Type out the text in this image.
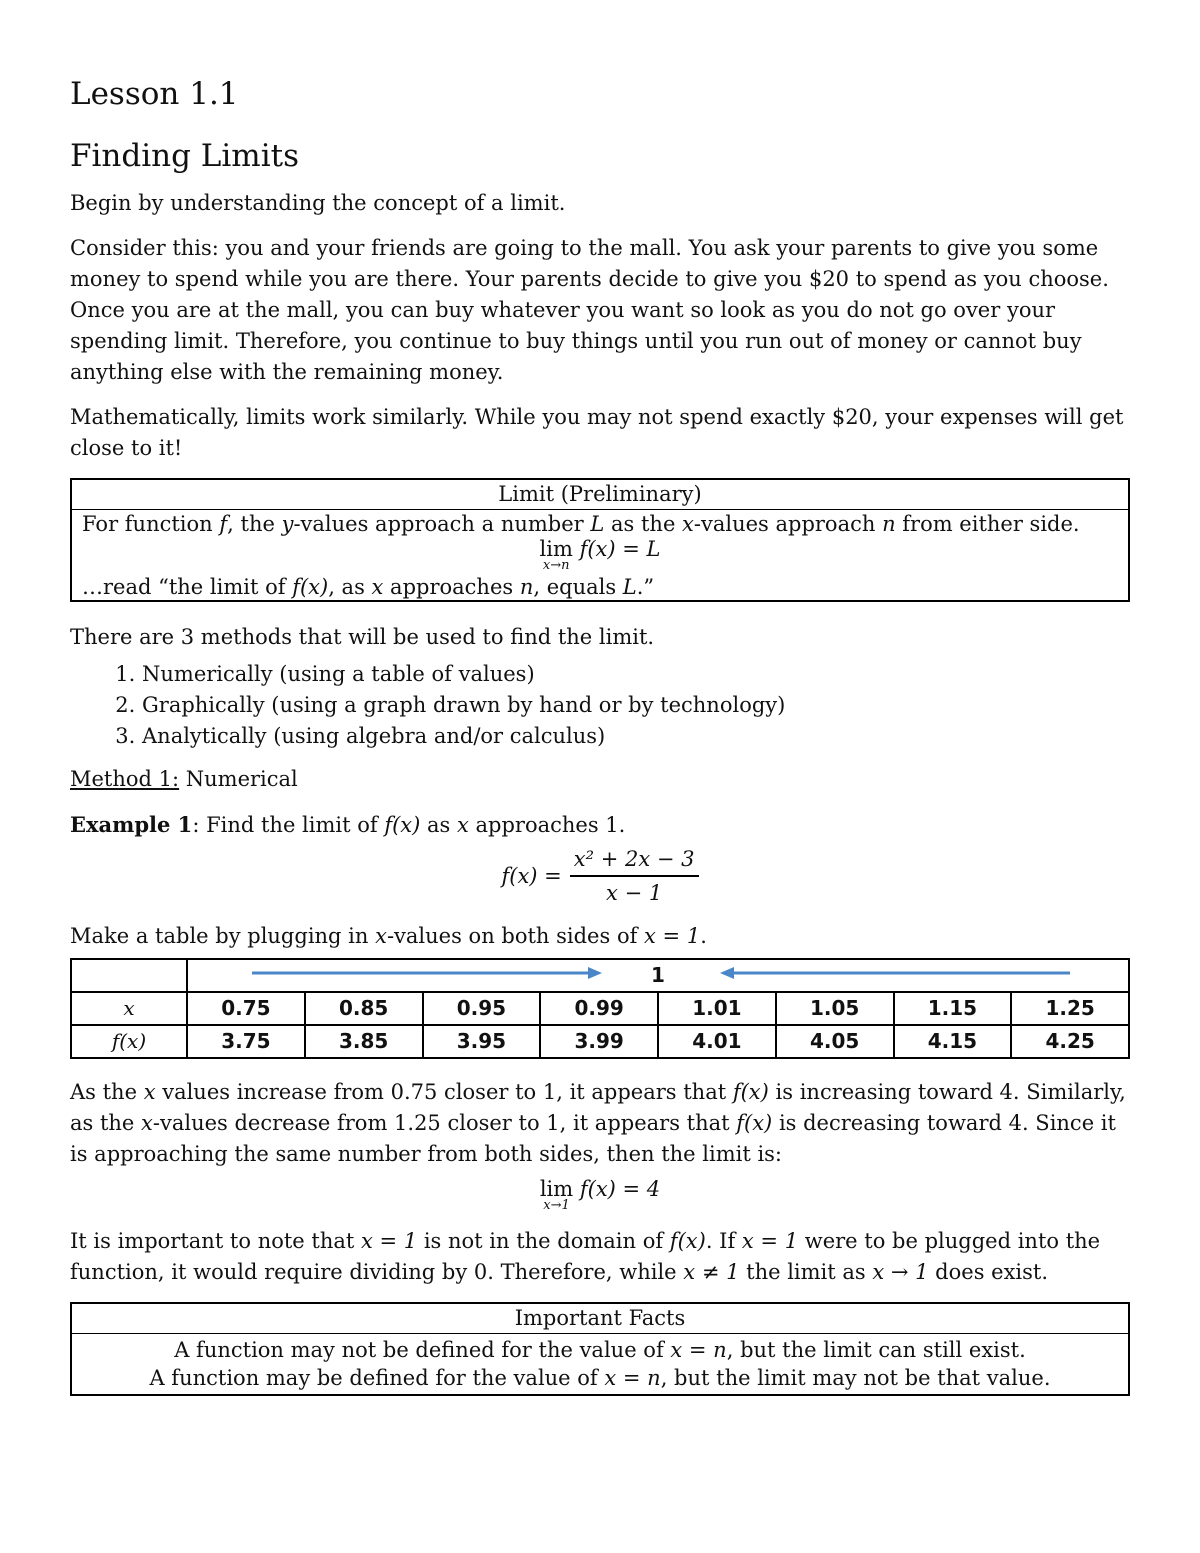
Lesson 1.1
Finding Limits

Begin by understanding the concept of a limit.

Consider this: you and your friends are going to the mall. You ask your parents to give you some money to spend while you are there. Your parents decide to give you $20 to spend as you choose. Once you are at the mall, you can buy whatever you want so look as you do not go over your spending limit. Therefore, you continue to buy things until you run out of money or cannot buy anything else with the remaining money.

Mathematically, limits work similarly. While you may not spend exactly $20, your expenses will get close to it!

Limit (Preliminary)
For function f, the y-values approach a number L as the x-values approach n from either side.
lim
x→n
f(x) = L
…read “the limit of f(x), as x approaches n, equals L.”

There are 3 methods that will be used to find the limit.

1. Numerically (using a table of values)
2. Graphically (using a graph drawn by hand or by technology)
3. Analytically (using algebra and/or calculus)

Method 1: Numerical

Example 1: Find the limit of f(x) as x approaches 1.

$f(x) = \frac{\text{x² + 2x − 3}}{x - 1}$

Make a table by plugging in x-values on both sides of x = 1.

1							
x	0.75	0.85	0.95	0.99	1.01	1.05	1.15	1.25
f(x)	3.75	3.85	3.95	3.99	4.01	4.05	4.15	4.25

As the x values increase from 0.75 closer to 1, it appears that f(x) is increasing toward 4. Similarly, as the x-values decrease from 1.25 closer to 1, it appears that f(x) is decreasing toward 4. Since it is approaching the same number from both sides, then the limit is:

lim
x→1
f(x) = 4

It is important to note that x = 1 is not in the domain of f(x). If x = 1 were to be plugged into the function, it would require dividing by 0. Therefore, while x ≠ 1 the limit as x → 1 does exist.

Important Facts
A function may not be defined for the value of x = n, but the limit can still exist.
A function may be defined for the value of x = n, but the limit may not be that value.
